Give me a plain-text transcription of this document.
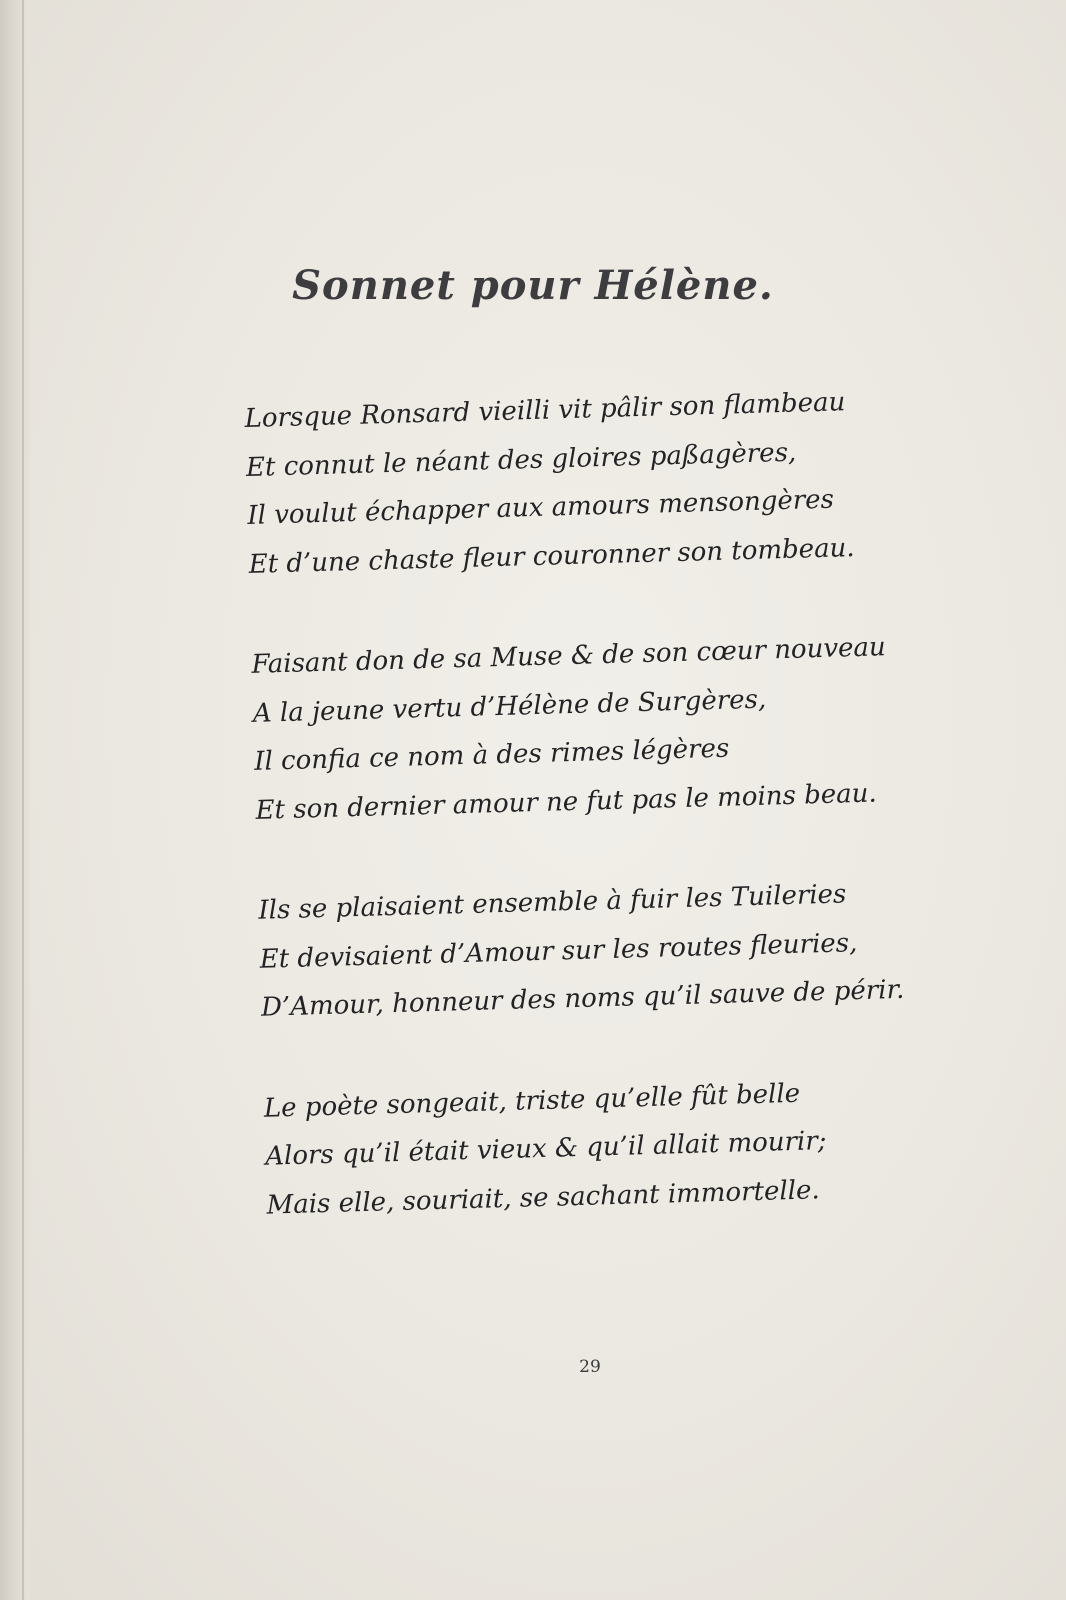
Sonnet pour Hélène.
Lorsque Ronsard vieilli vit pâlir son flambeau
Et connut le néant des gloires paßagères,
Il voulut échapper aux amours mensongères
Et d’une chaste fleur couronner son tombeau.
Faisant don de sa Muse & de son cœur nouveau
A la jeune vertu d’Hélène de Surgères,
Il confia ce nom à des rimes légères
Et son dernier amour ne fut pas le moins beau.
Ils se plaisaient ensemble à fuir les Tuileries
Et devisaient d’Amour sur les routes fleuries,
D’Amour, honneur des noms qu’il sauve de périr.
Le poète songeait, triste qu’elle fût belle
Alors qu’il était vieux & qu’il allait mourir;
Mais elle, souriait, se sachant immortelle.
29
